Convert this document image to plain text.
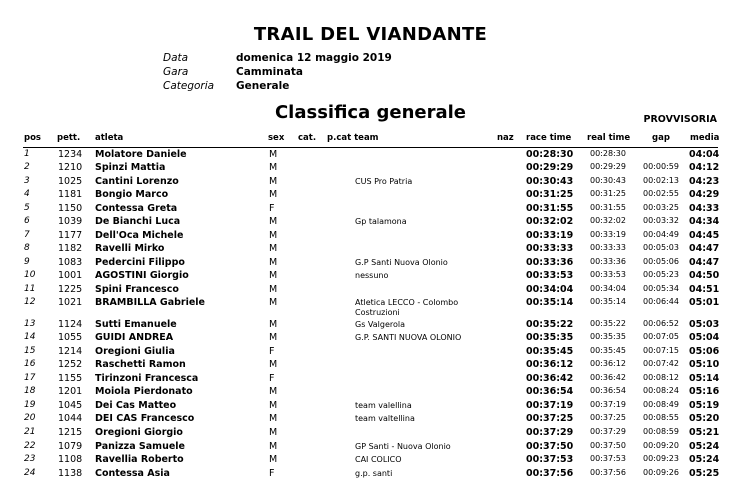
TRAIL DEL VIANDANTE
Data	domenica 12 maggio 2019
Gara	Camminata
Categoria Generale
Classifica generale	PROVVISORIA
pos pett. atleta	sex cat. p.cat team	naz race time real time	gap media
1	1234 Molatore Daniele	M	00:28:30 00:28:30	04:04
2	1210 Spinzi Mattia	M	00:29:29 00:29:29 00:00:59 04:12
3	1025 Cantini Lorenzo	M	CUS Pro Patria	00:30:43 00:30:43 00:02:13 04:23
4	1181 Bongio Marco	M	00:31:25 00:31:25 00:02:55 04:29
5	1150 Contessa Greta	F	00:31:55 00:31:55 00:03:25 04:33
6	1039 De Bianchi Luca	M	Gp talamona	00:32:02 00:32:02 00:03:32 04:34
7	1177 Dell'Oca Michele	M	00:33:19 00:33:19 00:04:49 04:45
8	1182 Ravelli Mirko	M	00:33:33 00:33:33 00:05:03 04:47
9	1083 Pedercini Filippo	M	G.P Santi Nuova Olonio	00:33:36 00:33:36 00:05:06 04:47
10 1001 AGOSTINI Giorgio	M	nessuno	00:33:53 00:33:53 00:05:23 04:50
11 1225 Spini Francesco	M	00:34:04 00:34:04 00:05:34 04:51
12 1021 BRAMBILLA Gabriele	M	Atletica LECCO - Colombo	00:35:14 00:35:14 00:06:44 05:01
Costruzioni
13 1124 Sutti Emanuele	M	Gs Valgerola	00:35:22 00:35:22 00:06:52 05:03
14 1055 GUIDI ANDREA	M	G.P. SANTI NUOVA OLONIO	00:35:35 00:35:35 00:07:05 05:04
15 1214 Oregioni Giulia	F	00:35:45 00:35:45 00:07:15 05:06
16 1252 Raschetti Ramon	M	00:36:12 00:36:12 00:07:42 05:10
17 1155 Tirinzoni Francesca	F	00:36:42 00:36:42 00:08:12 05:14
18 1201 Moiola Pierdonato	M	00:36:54 00:36:54 00:08:24 05:16
19 1045 Dei Cas Matteo	M	team valellina	00:37:19 00:37:19 00:08:49 05:19
20 1044 DEI CAS Francesco	M	team valtellina	00:37:25 00:37:25 00:08:55 05:20
21 1215 Oregioni Giorgio	M	00:37:29 00:37:29 00:08:59 05:21
22 1079 Panizza Samuele	M	GP Santi - Nuova Olonio	00:37:50 00:37:50 00:09:20 05:24
23 1108 Ravellia Roberto	M	CAI COLICO	00:37:53 00:37:53 00:09:23 05:24
24 1138 Contessa Asia	F	g.p. santi	00:37:56 00:37:56 00:09:26 05:25
